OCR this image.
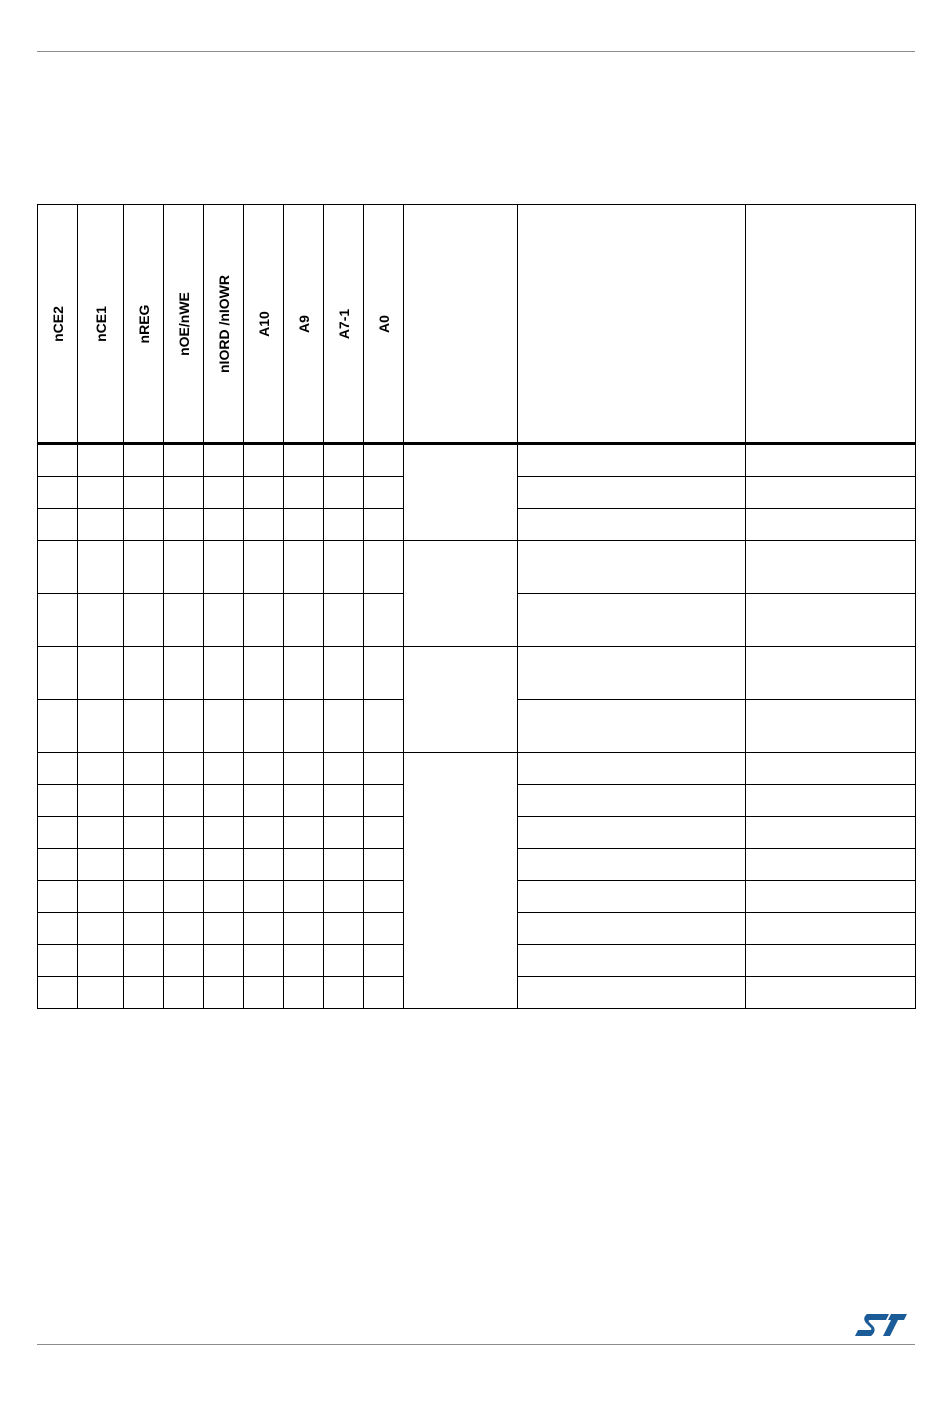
nCE2	nCE1	nREG	nOE/nWE	nIORD /nIOWR	A10	A9	A7-1	A0			
